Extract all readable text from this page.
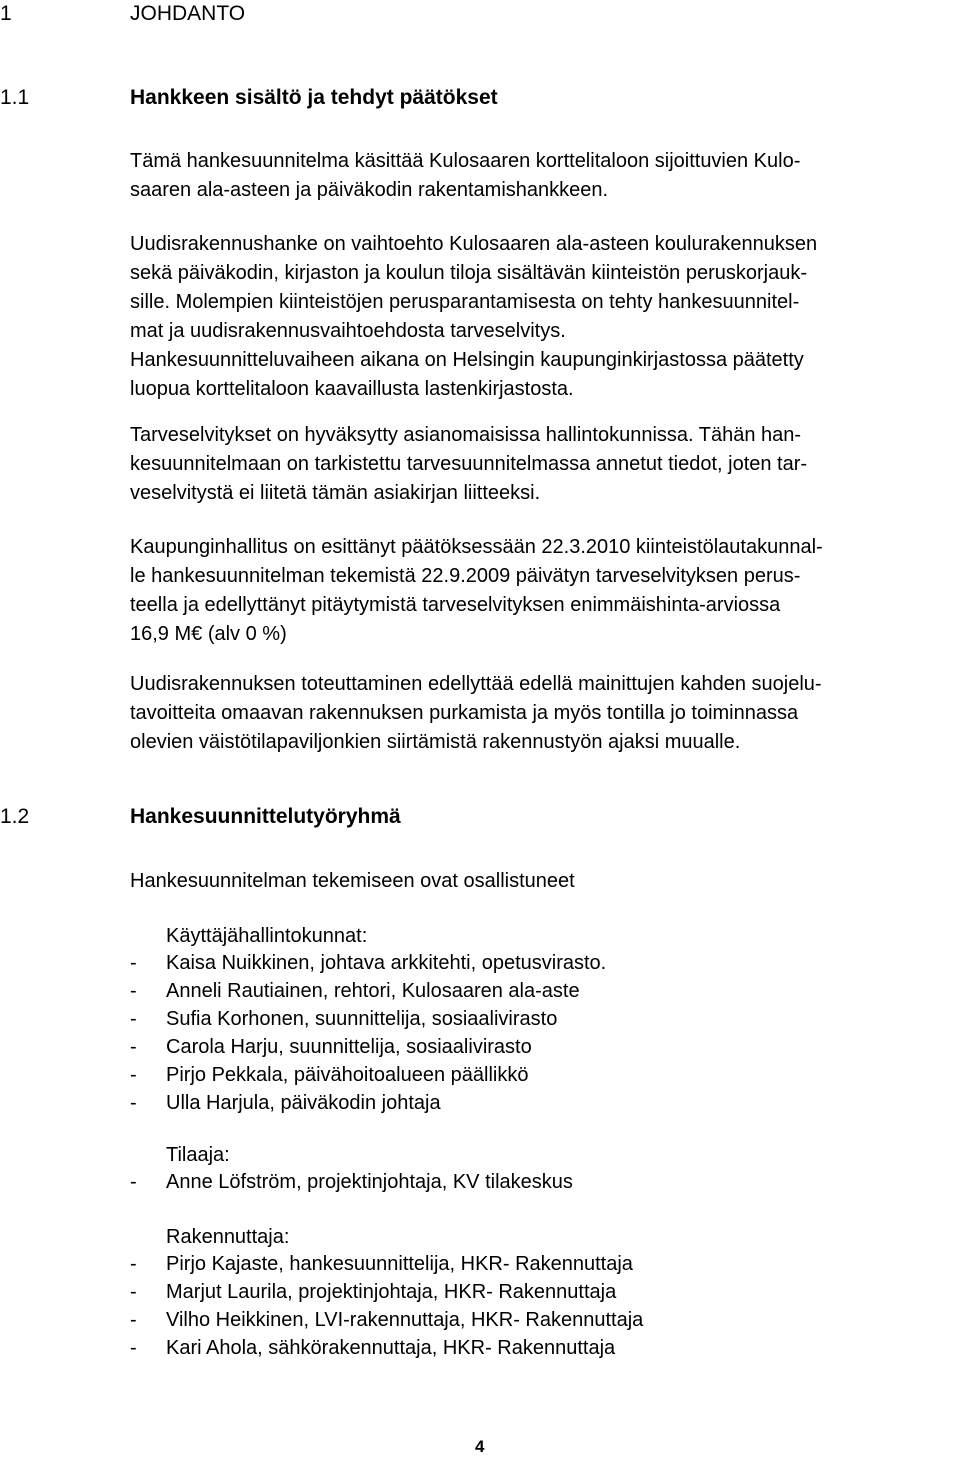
1	JOHDANTO
1.1	Hankkeen sisältö ja tehdyt päätökset
Tämä hankesuunnitelma käsittää Kulosaaren korttelitaloon sijoittuvien Kulo-
saaren ala-asteen ja päiväkodin rakentamishankkeen.
Uudisrakennushanke on vaihtoehto Kulosaaren ala-asteen koulurakennuksen
sekä päiväkodin, kirjaston ja koulun tiloja sisältävän kiinteistön peruskorjauk-
sille. Molempien kiinteistöjen perusparantamisesta on tehty hankesuunnitel-
mat ja uudisrakennusvaihtoehdosta tarveselvitys.
Hankesuunnitteluvaiheen aikana on Helsingin kaupunginkirjastossa päätetty
luopua korttelitaloon kaavaillusta lastenkirjastosta.
Tarveselvitykset on hyväksytty asianomaisissa hallintokunnissa. Tähän han-
kesuunnitelmaan on tarkistettu tarvesuunnitelmassa annetut tiedot, joten tar-
veselvitystä ei liitetä tämän asiakirjan liitteeksi.
Kaupunginhallitus on esittänyt päätöksessään 22.3.2010 kiinteistölautakunnal-
le hankesuunnitelman tekemistä 22.9.2009 päivätyn tarveselvityksen perus-
teella ja edellyttänyt pitäytymistä tarveselvityksen enimmäishinta-arviossa
16,9 M€ (alv 0 %)
Uudisrakennuksen toteuttaminen edellyttää edellä mainittujen kahden suojelu-
tavoitteita omaavan rakennuksen purkamista ja myös tontilla jo toiminnassa
olevien väistötilapaviljonkien siirtämistä rakennustyön ajaksi muualle.
1.2	Hankesuunnittelutyöryhmä
Hankesuunnitelman tekemiseen ovat osallistuneet
Käyttäjähallintokunnat:
- Kaisa Nuikkinen, johtava arkkitehti, opetusvirasto.
- Anneli Rautiainen, rehtori, Kulosaaren ala-aste
- Sufia Korhonen, suunnittelija, sosiaalivirasto
- Carola Harju, suunnittelija, sosiaalivirasto
- Pirjo Pekkala, päivähoitoalueen päällikkö
- Ulla Harjula, päiväkodin johtaja
Tilaaja:
- Anne Löfström, projektinjohtaja, KV tilakeskus
Rakennuttaja:
- Pirjo Kajaste, hankesuunnittelija, HKR- Rakennuttaja
- Marjut Laurila, projektinjohtaja, HKR- Rakennuttaja
- Vilho Heikkinen, LVI-rakennuttaja, HKR- Rakennuttaja
- Kari Ahola, sähkörakennuttaja, HKR- Rakennuttaja
4
